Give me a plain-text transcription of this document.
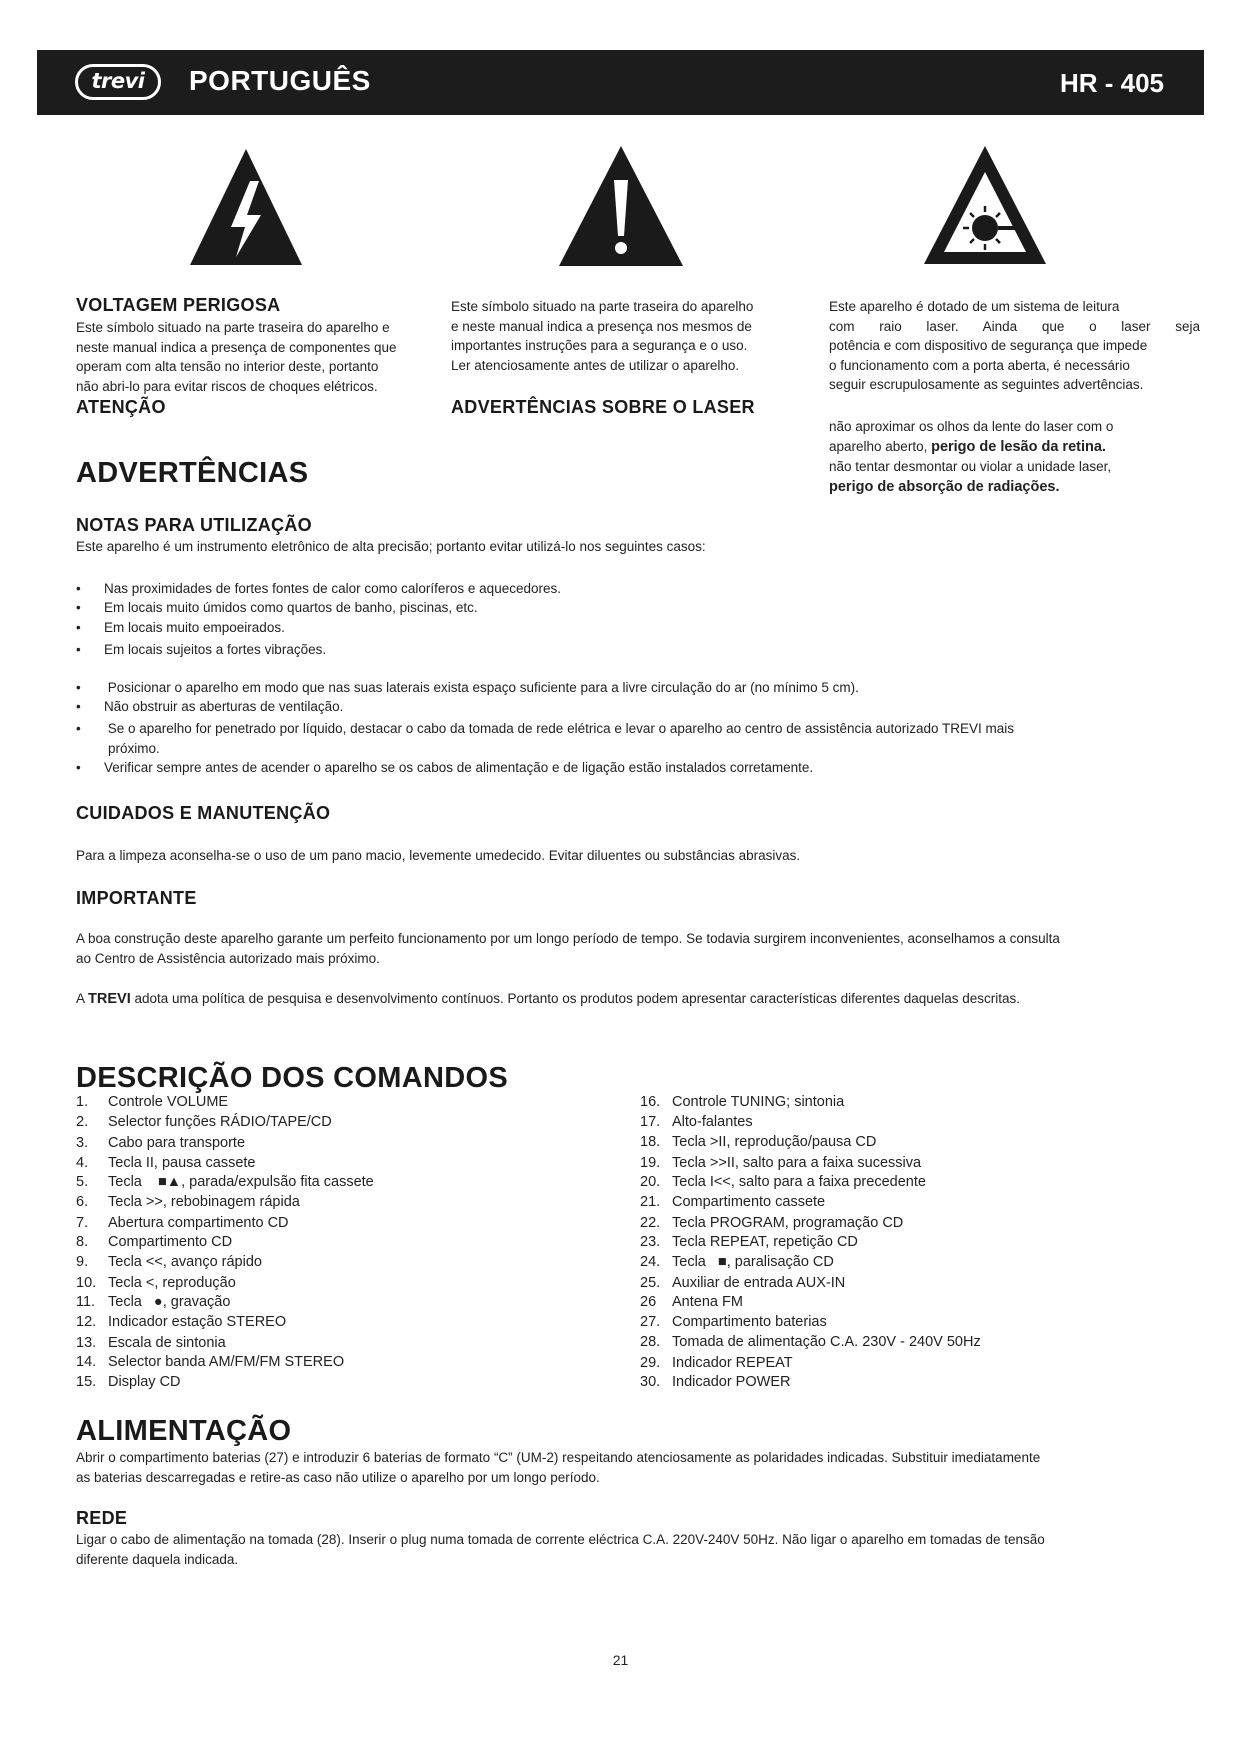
trevi	PORTUGUÊS	HR - 405
VOLTAGEM PERIGOSA
Este símbolo situado na parte traseira do aparelho e
neste manual indica a presença de componentes que
operam com alta tensão no interior deste, portanto
não abri-lo para evitar riscos de choques elétricos.
ATENÇÃO
Este símbolo situado na parte traseira do aparelho
e neste manual indica a presença nos mesmos de
importantes instruções para a segurança e o uso.
Ler atenciosamente antes de utilizar o aparelho.
ADVERTÊNCIAS SOBRE O LASER
Este aparelho é dotado de um sistema de leitura
com raio laser. Ainda que o laser seja
potência e com dispositivo de segurança que impede
o funcionamento com a porta aberta, é necessário
seguir escrupulosamente as seguintes advertências.
não aproximar os olhos da lente do laser com o
aparelho aberto, perigo de lesão da retina.
não tentar desmontar ou violar a unidade laser,
perigo de absorção de radiações.
ADVERTÊNCIAS
NOTAS PARA UTILIZAÇÃO
Este aparelho é um instrumento eletrônico de alta precisão; portanto evitar utilizá-lo nos seguintes casos:
• Nas proximidades de fortes fontes de calor como caloríferos e aquecedores.
• Em locais muito úmidos como quartos de banho, piscinas, etc.
• Em locais muito empoeirados.
• Em locais sujeitos a fortes vibrações.
• Posicionar o aparelho em modo que nas suas laterais exista espaço suficiente para a livre circulação do ar (no mínimo 5 cm).
• Não obstruir as aberturas de ventilação.
• Se o aparelho for penetrado por líquido, destacar o cabo da tomada de rede elétrica e levar o aparelho ao centro de assistência autorizado TREVI mais
próximo.
• Verificar sempre antes de acender o aparelho se os cabos de alimentação e de ligação estão instalados corretamente.
CUIDADOS E MANUTENÇÃO
Para a limpeza aconselha-se o uso de um pano macio, levemente umedecido. Evitar diluentes ou substâncias abrasivas.
IMPORTANTE
A boa construção deste aparelho garante um perfeito funcionamento por um longo período de tempo. Se todavia surgirem inconvenientes, aconselhamos a consulta
ao Centro de Assistência autorizado mais próximo.
A TREVI adota uma política de pesquisa e desenvolvimento contínuos. Portanto os produtos podem apresentar características diferentes daquelas descritas.
DESCRIÇÃO DOS COMANDOS
1. Controle VOLUME
2. Selector funções RÁDIO/TAPE/CD
3. Cabo para transporte
4. Tecla II, pausa cassete
5. Tecla    ■▲, parada/expulsão fita cassete
6. Tecla >>, rebobinagem rápida
7. Abertura compartimento CD
8. Compartimento CD
9. Tecla <<, avanço rápido
10. Tecla <, reprodução
11. Tecla   ●, gravação
12. Indicador estação STEREO
13. Escala de sintonia
14. Selector banda AM/FM/FM STEREO
15. Display CD
16. Controle TUNING; sintonia
17. Alto-falantes
18. Tecla >II, reprodução/pausa CD
19. Tecla >>II, salto para a faixa sucessiva
20. Tecla I<<, salto para a faixa precedente
21. Compartimento cassete
22. Tecla PROGRAM, programação CD
23. Tecla REPEAT, repetição CD
24. Tecla   ■, paralisação CD
25. Auxiliar de entrada AUX-IN
26 Antena FM
27. Compartimento baterias
28. Tomada de alimentação C.A. 230V - 240V 50Hz
29. Indicador REPEAT
30. Indicador POWER
ALIMENTAÇÃO
Abrir o compartimento baterias (27) e introduzir 6 baterias de formato “C” (UM-2) respeitando atenciosamente as polaridades indicadas. Substituir imediatamente
as baterias descarregadas e retire-as caso não utilize o aparelho por um longo período.
REDE
Ligar o cabo de alimentação na tomada (28). Inserir o plug numa tomada de corrente eléctrica C.A. 220V-240V 50Hz. Não ligar o aparelho em tomadas de tensão
diferente daquela indicada.
21
